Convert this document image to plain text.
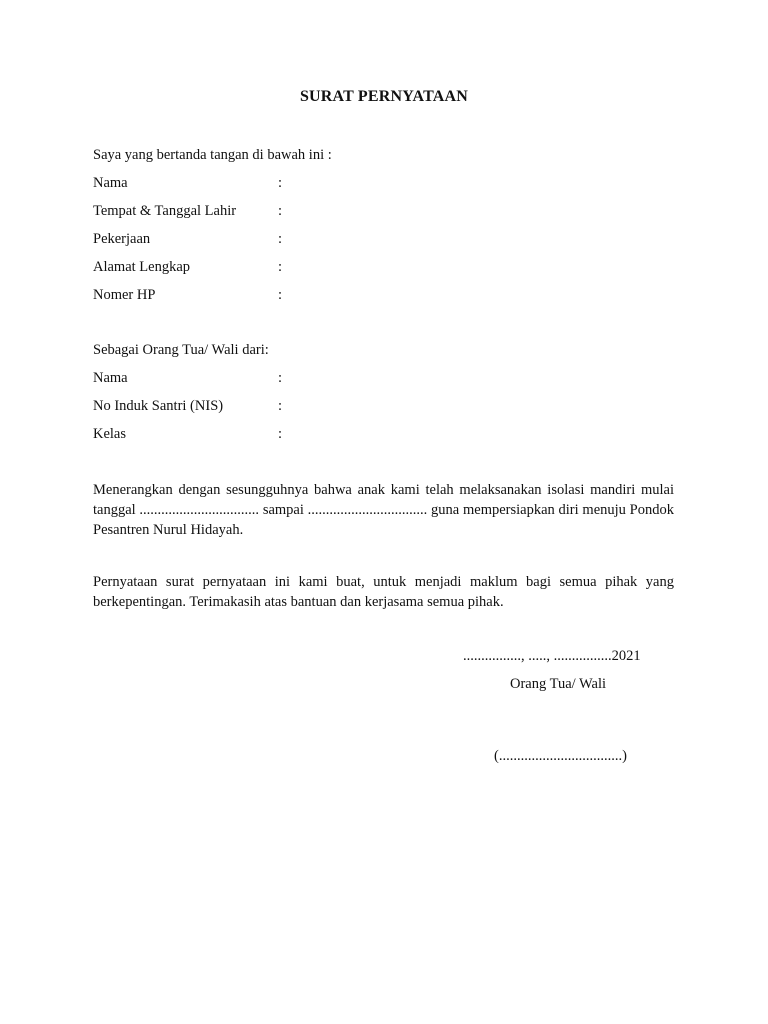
SURAT PERNYATAAN
Saya yang bertanda tangan di bawah ini :
Nama	:
Tempat & Tanggal Lahir	:
Pekerjaan	:
Alamat Lengkap	:
Nomer HP	:
Sebagai Orang Tua/ Wali dari:
Nama	:
No Induk Santri (NIS)	:
Kelas	:
Menerangkan dengan sesungguhnya bahwa anak kami telah melaksanakan isolasi mandiri mulai tanggal ................................. sampai ................................. guna mempersiapkan diri menuju Pondok Pesantren Nurul Hidayah.
Pernyataan surat pernyataan ini kami buat, untuk menjadi maklum bagi semua pihak yang berkepentingan. Terimakasih atas bantuan dan kerjasama semua pihak.
................, ....., ................2021
Orang Tua/ Wali
(..................................)
